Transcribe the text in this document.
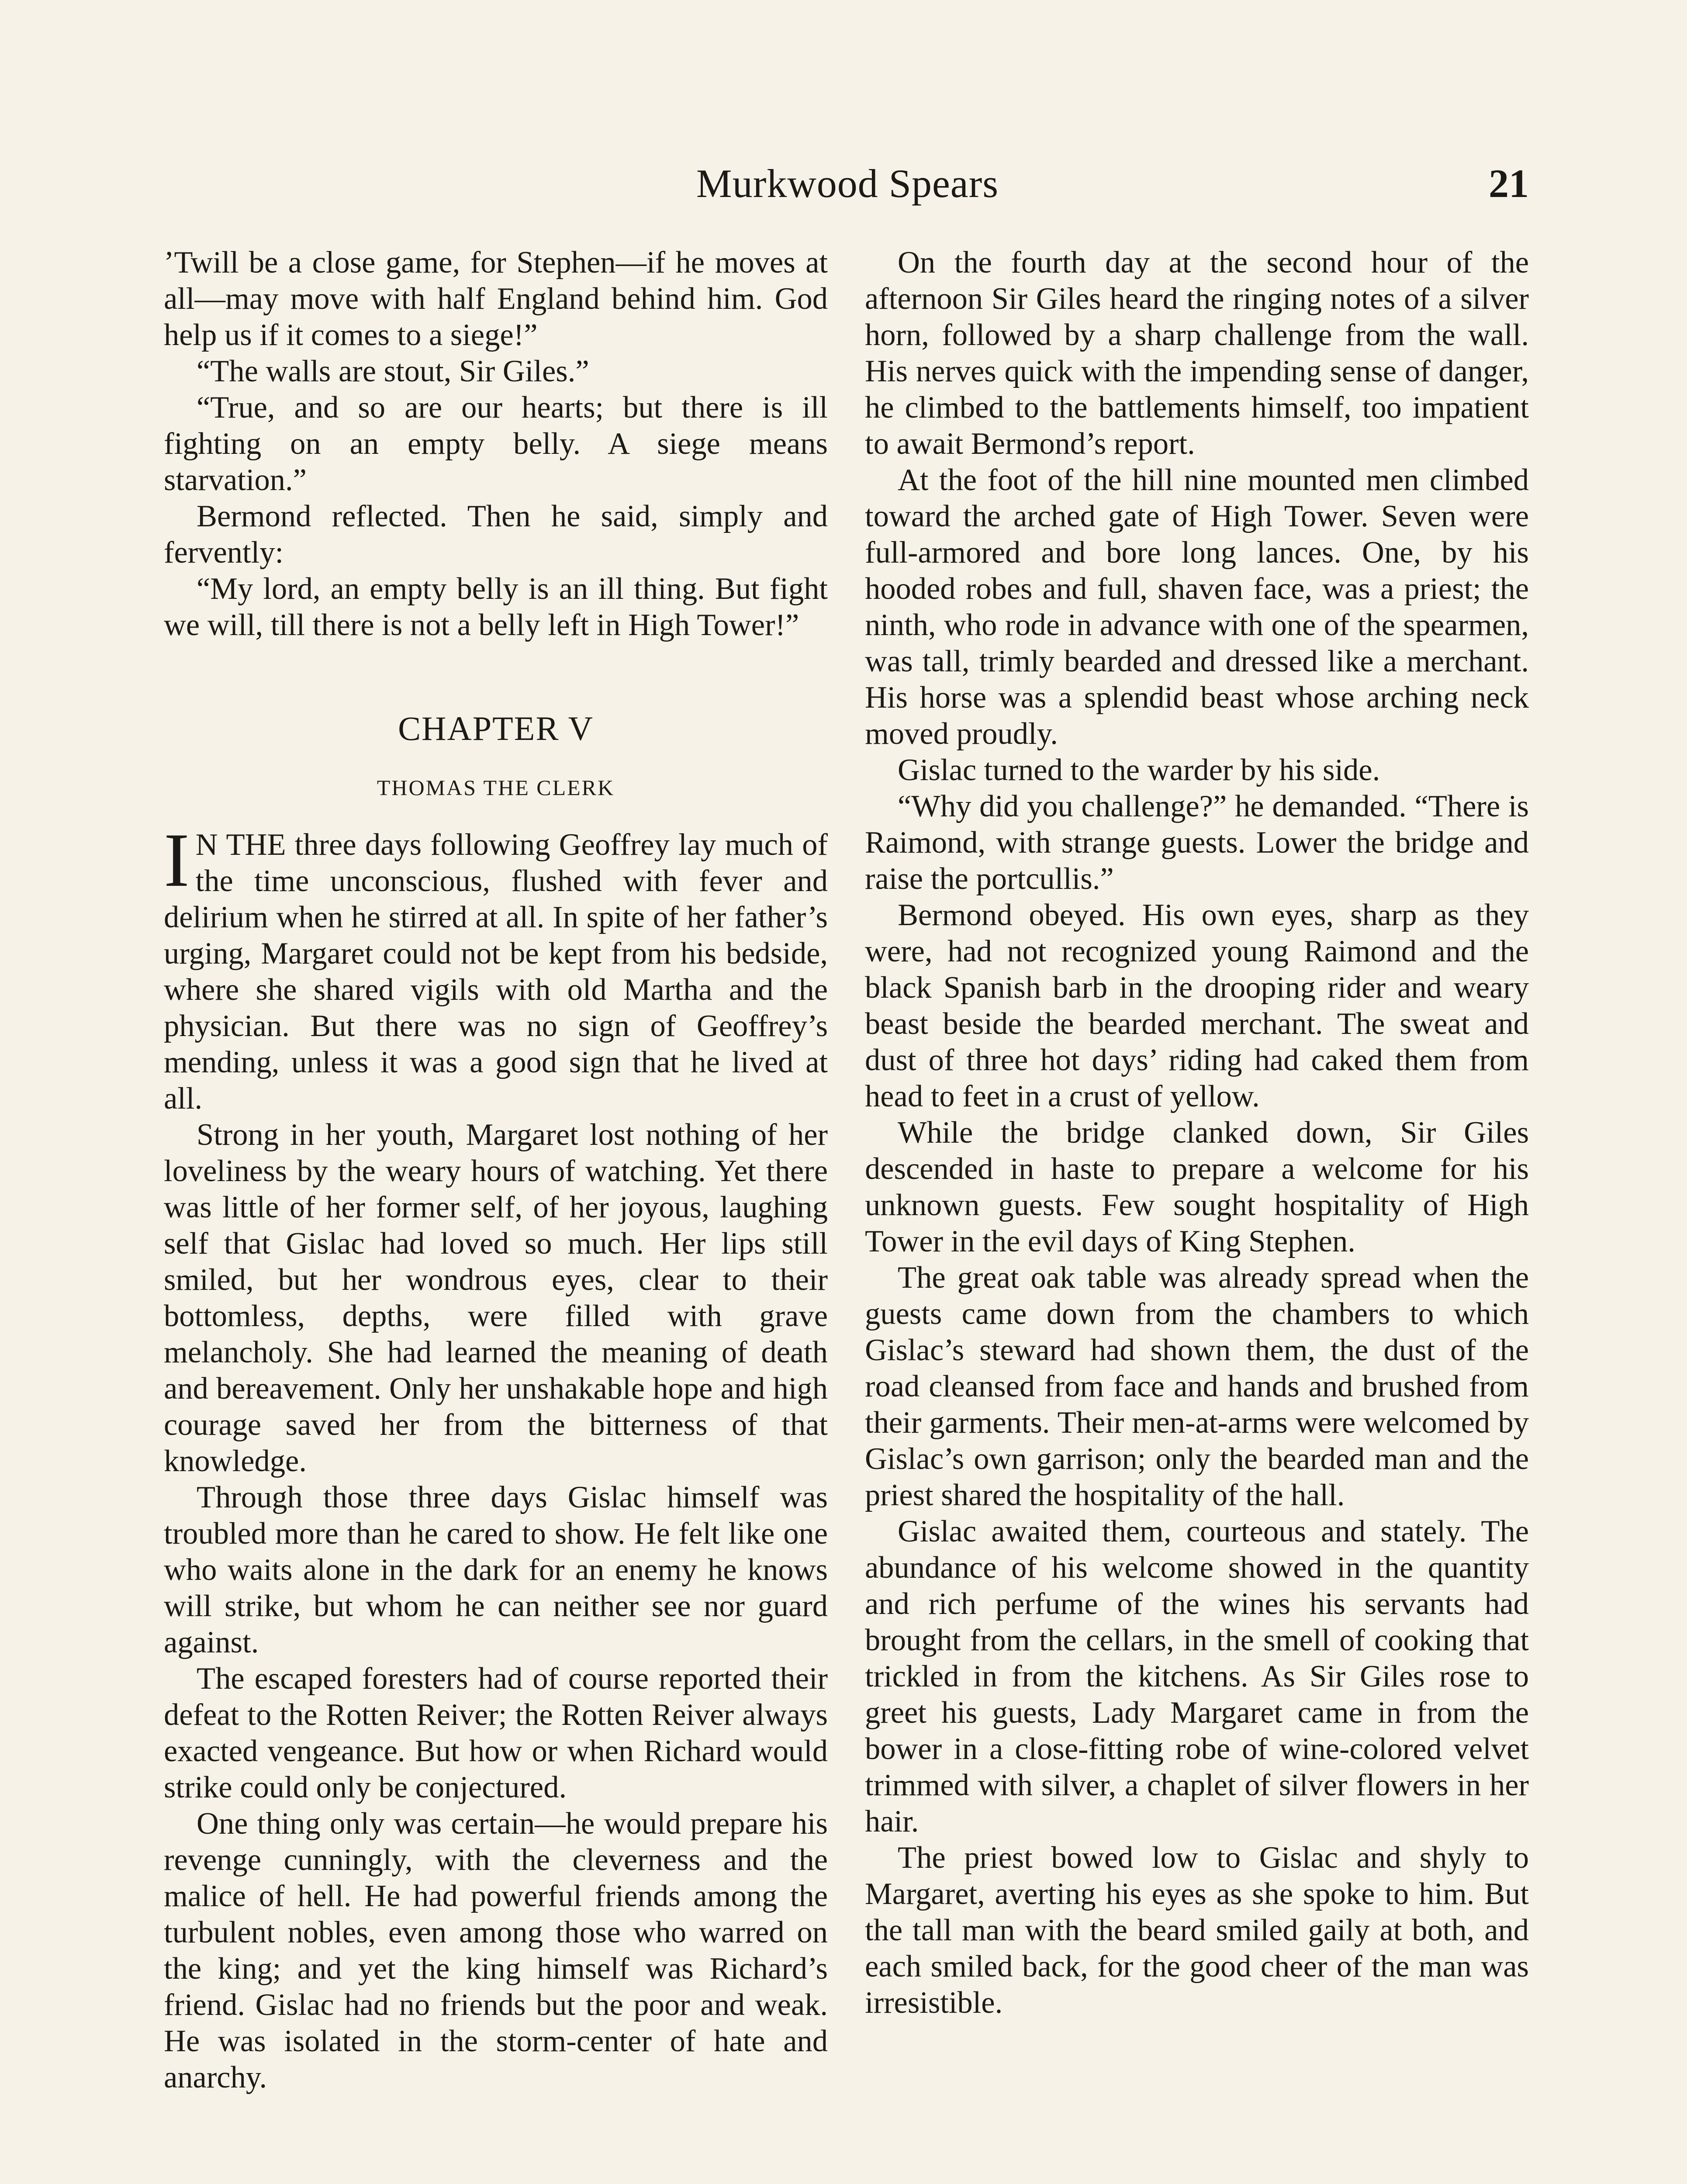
Murkwood Spears	21

’Twill be a close game, for Stephen—if he moves at all—may move with half England behind him. God help us if it comes to a siege!”

“The walls are stout, Sir Giles.”

“True, and so are our hearts; but there is ill fighting on an empty belly. A siege means starvation.”

Bermond reflected. Then he said, simply and fervently:

“My lord, an empty belly is an ill thing. But fight we will, till there is not a belly left in High Tower!”

CHAPTER V
THOMAS THE CLERK

I N THE three days following Geoffrey lay much of the time unconscious, flushed with fever and delirium when he stirred at all. In spite of her father’s urging, Margaret could not be kept from his bedside, where she shared vigils with old Martha and the physician. But there was no sign of Geoffrey’s mending, unless it was a good sign that he lived at all.

Strong in her youth, Margaret lost nothing of her loveliness by the weary hours of watching. Yet there was little of her former self, of her joyous, laughing self that Gislac had loved so much. Her lips still smiled, but her wondrous eyes, clear to their bottomless, depths, were filled with grave melancholy. She had learned the meaning of death and bereavement. Only her unshakable hope and high courage saved her from the bitterness of that knowledge.

Through those three days Gislac himself was troubled more than he cared to show. He felt like one who waits alone in the dark for an enemy he knows will strike, but whom he can neither see nor guard against.

The escaped foresters had of course reported their defeat to the Rotten Reiver; the Rotten Reiver always exacted vengeance. But how or when Richard would strike could only be conjectured.

One thing only was certain—he would prepare his revenge cunningly, with the cleverness and the malice of hell. He had powerful friends among the turbulent nobles, even among those who warred on the king; and yet the king himself was Richard’s friend. Gislac had no friends but the poor and weak. He was isolated in the storm-center of hate and anarchy.

On the fourth day at the second hour of the afternoon Sir Giles heard the ringing notes of a silver horn, followed by a sharp challenge from the wall. His nerves quick with the impending sense of danger, he climbed to the battlements himself, too impatient to await Bermond’s report.

At the foot of the hill nine mounted men climbed toward the arched gate of High Tower. Seven were full-armored and bore long lances. One, by his hooded robes and full, shaven face, was a priest; the ninth, who rode in advance with one of the spearmen, was tall, trimly bearded and dressed like a merchant. His horse was a splendid beast whose arching neck moved proudly.

Gislac turned to the warder by his side.

“Why did you challenge?” he demanded. “There is Raimond, with strange guests. Lower the bridge and raise the portcullis.”

Bermond obeyed. His own eyes, sharp as they were, had not recognized young Raimond and the black Spanish barb in the drooping rider and weary beast beside the bearded merchant. The sweat and dust of three hot days’ riding had caked them from head to feet in a crust of yellow.

While the bridge clanked down, Sir Giles descended in haste to prepare a welcome for his unknown guests. Few sought hospitality of High Tower in the evil days of King Stephen.

The great oak table was already spread when the guests came down from the chambers to which Gislac’s steward had shown them, the dust of the road cleansed from face and hands and brushed from their garments. Their men-at-arms were welcomed by Gislac’s own garrison; only the bearded man and the priest shared the hospitality of the hall.

Gislac awaited them, courteous and stately. The abundance of his welcome showed in the quantity and rich perfume of the wines his servants had brought from the cellars, in the smell of cooking that trickled in from the kitchens. As Sir Giles rose to greet his guests, Lady Margaret came in from the bower in a close-fitting robe of wine-colored velvet trimmed with silver, a chaplet of silver flowers in her hair.

The priest bowed low to Gislac and shyly to Margaret, averting his eyes as she spoke to him. But the tall man with the beard smiled gaily at both, and each smiled back, for the good cheer of the man was irresistible.
